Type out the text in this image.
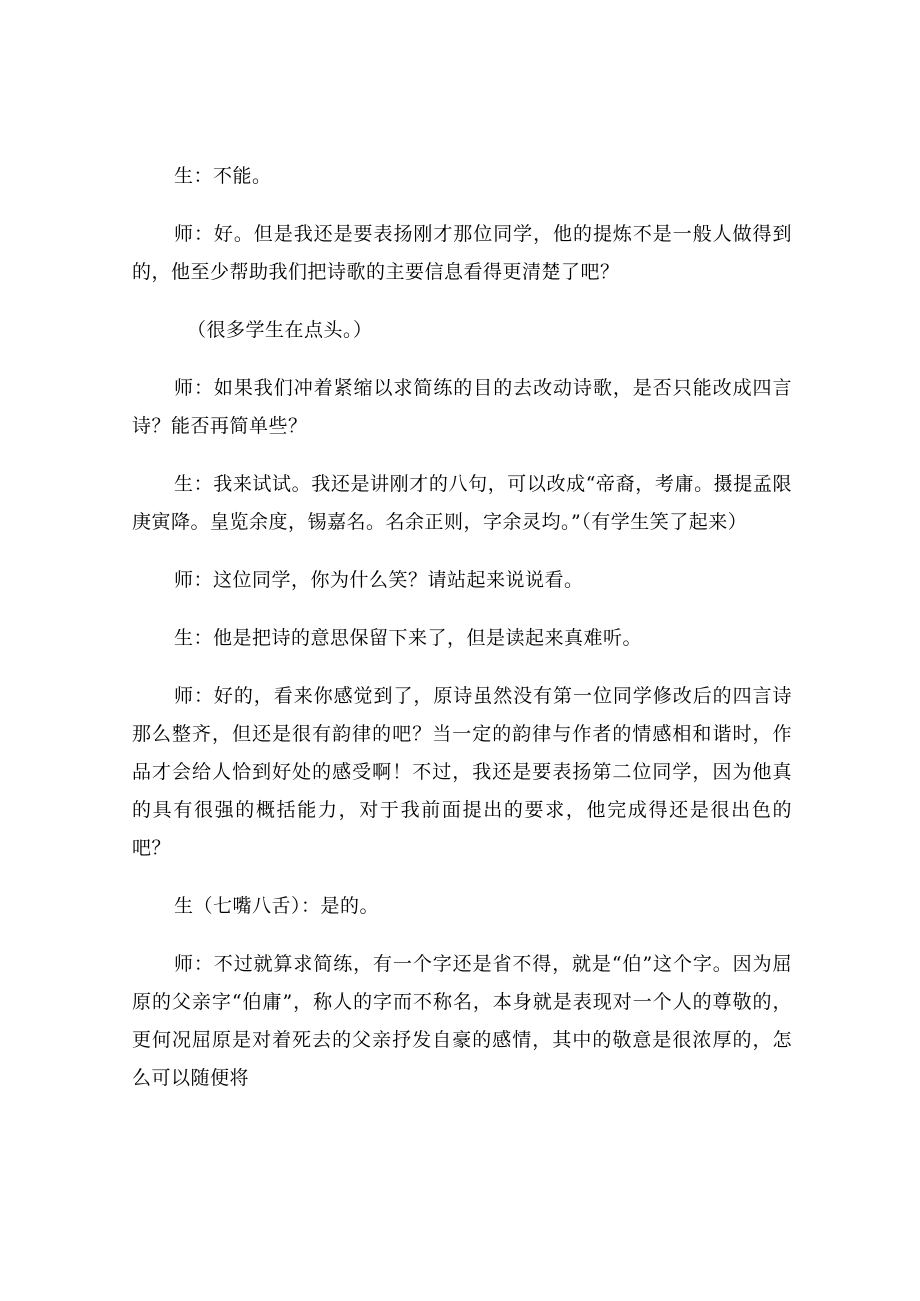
生：不能。

师：好。但是我还是要表扬刚才那位同学，他的提炼不是一般人做得到的，他至少帮助我们把诗歌的主要信息看得更清楚了吧？

（很多学生在点头。）

师：如果我们冲着紧缩以求简练的目的去改动诗歌，是否只能改成四言诗？能否再简单些？

生：我来试试。我还是讲刚才的八句，可以改成“帝裔，考庸。摄提孟限庚寅降。皇览余度，锡嘉名。名余正则，字余灵均。”（有学生笑了起来）

师：这位同学，你为什么笑？请站起来说说看。

生：他是把诗的意思保留下来了，但是读起来真难听。

师：好的，看来你感觉到了，原诗虽然没有第一位同学修改后的四言诗那么整齐，但还是很有韵律的吧？当一定的韵律与作者的情感相和谐时，作品才会给人恰到好处的感受啊！不过，我还是要表扬第二位同学，因为他真的具有很强的概括能力，对于我前面提出的要求，他完成得还是很出色的吧？

生（七嘴八舌）：是的。

师：不过就算求简练，有一个字还是省不得，就是“伯”这个字。因为屈原的父亲字“伯庸”，称人的字而不称名，本身就是表现对一个人的尊敬的，更何况屈原是对着死去的父亲抒发自豪的感情，其中的敬意是很浓厚的，怎么可以随便将
